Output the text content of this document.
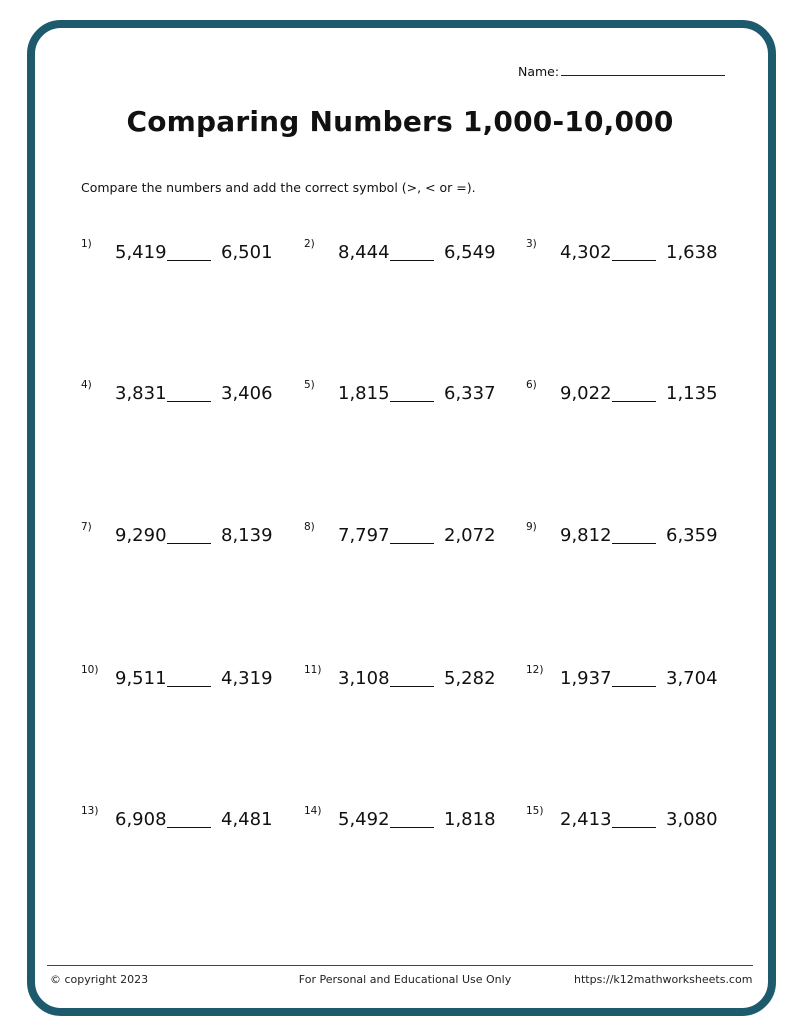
Name:
Comparing Numbers 1,000-10,000
Compare the numbers and add the correct symbol (>, < or =).
1) 5,419	6,501	2) 8,444	6,549	3) 4,302	1,638
4) 3,831	3,406	5) 1,815	6,337	6) 9,022	1,135
7) 9,290	8,139	8) 7,797	2,072	9) 9,812	6,359
10) 9,511	4,319	11) 3,108	5,282	12) 1,937	3,704
13) 6,908	4,481	14) 5,492	1,818	15) 2,413	3,080
© copyright 2023	For Personal and Educational Use Only	https://k12mathworksheets.com
